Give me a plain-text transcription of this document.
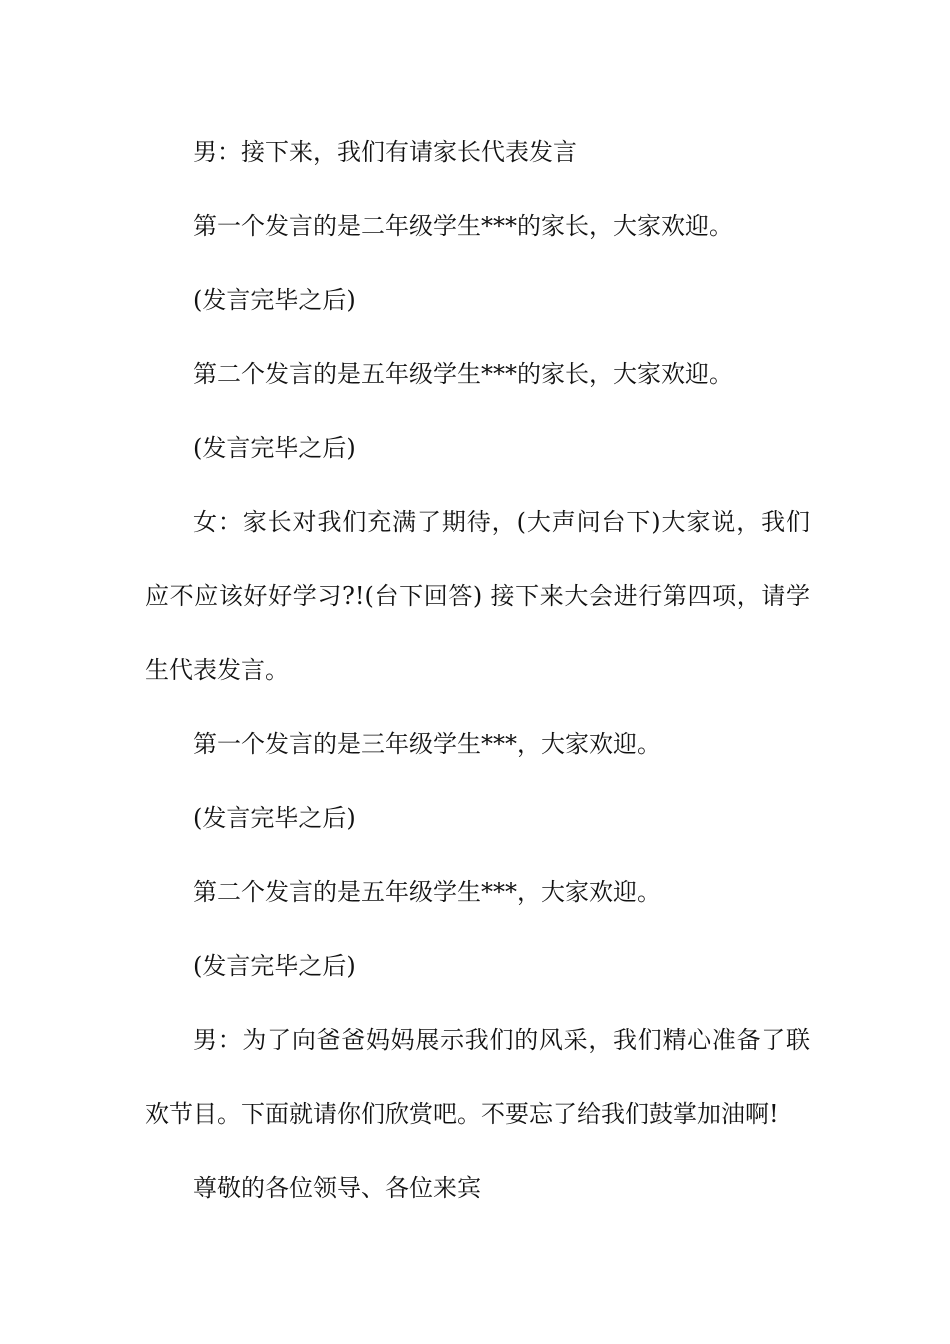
男：接下来，我们有请家长代表发言

第一个发言的是二年级学生***的家长，大家欢迎。

(发言完毕之后)

第二个发言的是五年级学生***的家长，大家欢迎。

(发言完毕之后)

女：家长对我们充满了期待，(大声问台下)大家说，我们应不应该好好学习?!(台下回答) 接下来大会进行第四项，请学生代表发言。

第一个发言的是三年级学生***，大家欢迎。

(发言完毕之后)

第二个发言的是五年级学生***，大家欢迎。

(发言完毕之后)

男：为了向爸爸妈妈展示我们的风采，我们精心准备了联欢节目。下面就请你们欣赏吧。不要忘了给我们鼓掌加油啊!

尊敬的各位领导、各位来宾
